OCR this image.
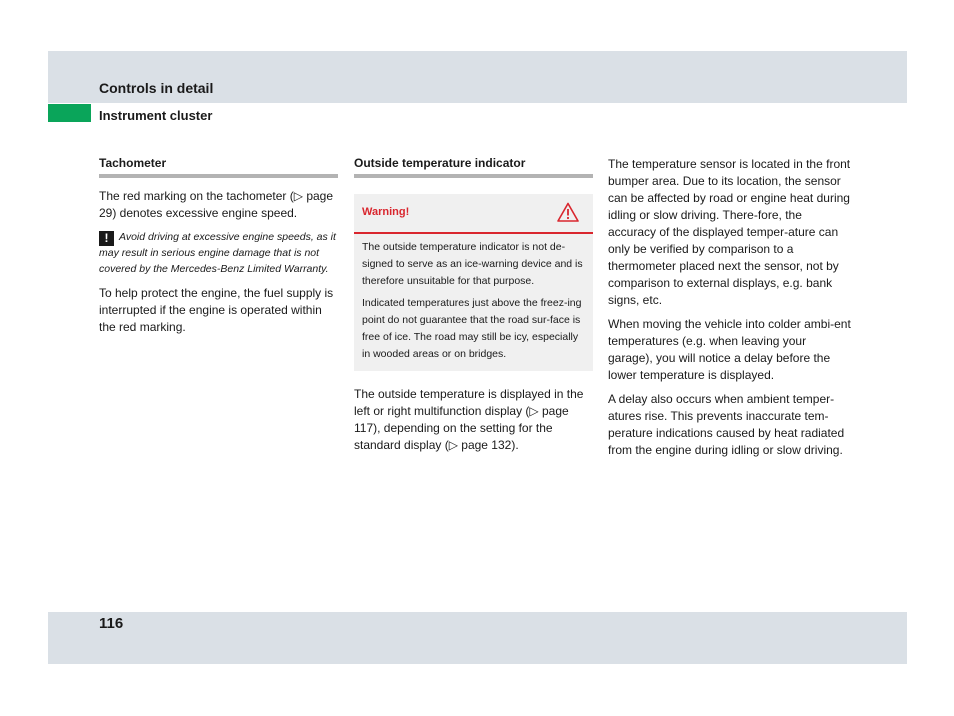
Controls in detail
Instrument cluster
Tachometer

The red marking on the tachometer (▷ page 29) denotes excessive engine speed.

! Avoid driving at excessive engine speeds, as it may result in serious engine damage that is not covered by the Mercedes-Benz Limited Warranty.

To help protect the engine, the fuel supply is interrupted if the engine is operated within the red marking.

Outside temperature indicator
Warning!

The outside temperature indicator is not de-signed to serve as an ice-warning device and is therefore unsuitable for that purpose.

Indicated temperatures just above the freez-ing point do not guarantee that the road sur-face is free of ice. The road may still be icy, especially in wooded areas or on bridges.

The outside temperature is displayed in the left or right multifunction display (▷ page 117), depending on the setting for the standard display (▷ page 132).

The temperature sensor is located in the front bumper area. Due to its location, the sensor can be affected by road or engine heat during idling or slow driving. There-fore, the accuracy of the displayed temper-ature can only be verified by comparison to a thermometer placed next the sensor, not by comparison to external displays, e.g. bank signs, etc.

When moving the vehicle into colder ambi-ent temperatures (e.g. when leaving your garage), you will notice a delay before the lower temperature is displayed.

A delay also occurs when ambient temper-atures rise. This prevents inaccurate tem-perature indications caused by heat radiated from the engine during idling or slow driving.

116
